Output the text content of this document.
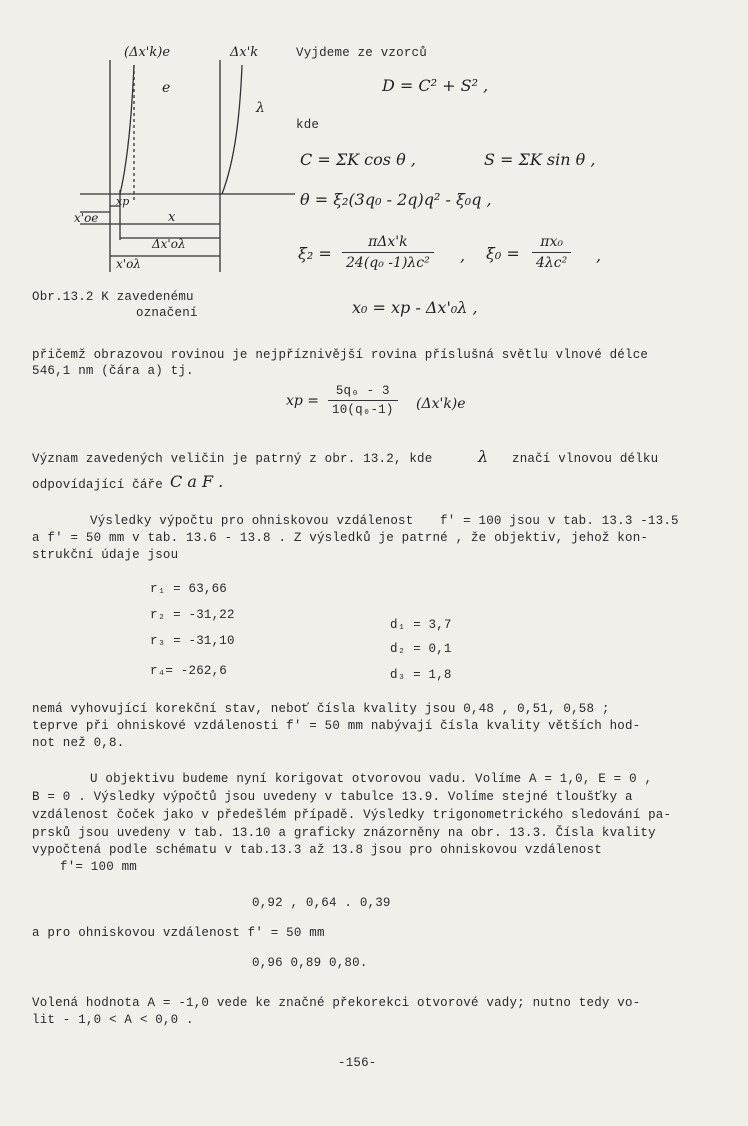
(Δx'k)e	Δx'k
e
λ
x'oe
xp
x
Δx'oλ
x'oλ
Obr.13.2 K zavedenému
označení
Vyjdeme ze vzorců
D = C² + S² ,
kde
C = ΣK cos θ ,	S = ΣK sin θ ,
θ = ξ₂(3q₀ - 2q)q² - ξ₀q ,
ξ₂ =
πΔx'k
24(q₀ -1)λc² , $\xi_0 = \frac{\text{πx₀}}{\text{4λc²}}$ ,
x₀ = xp - Δx'₀λ ,
přičemž obrazovou rovinou je nejpříznivější rovina příslušná světlu vlnové délce
546,1 nm (čára a) tj.
xp = $\frac{\text{5q₀ - 3}}{\text{10(q₀-1)}} (\Delta x'k)e$
Význam zavedených veličin je patrný z obr. 13.2, kde	λ značí vlnovou délku
odpovídající čáře C a F .
Výsledky výpočtu pro ohniskovou vzdálenost f' = 100 jsou v tab. 13.3 -13.5
a f' = 50 mm v tab. 13.6 - 13.8 . Z výsledků je patrné , že objektiv, jehož kon-
strukční údaje jsou
r₁ = 63,66
r₂ = -31,22
r₃ = -31,10
r₄= -262,6
d₁ = 3,7
d₂ = 0,1
d₃ = 1,8
nemá vyhovující korekční stav, neboť čísla kvality jsou 0,48 , 0,51, 0,58 ;
teprve při ohniskové vzdálenosti f' = 50 mm nabývají čísla kvality větších hod-
not než 0,8.
U objektivu budeme nyní korigovat otvorovou vadu. Volíme A = 1,0, E = 0 ,
B = 0 . Výsledky výpočtů jsou uvedeny v tabulce 13.9. Volíme stejné tloušťky a
vzdálenost čoček jako v předešlém případě. Výsledky trigonometrického sledování pa-
prsků jsou uvedeny v tab. 13.10 a graficky znázorněny na obr. 13.3. Čísla kvality
vypočtená podle schématu v tab.13.3 až 13.8 jsou pro ohniskovou vzdálenost
f'= 100 mm
0,92 , 0,64 . 0,39
a pro ohniskovou vzdálenost f' = 50 mm
0,96 0,89 0,80.
Volená hodnota A = -1,0 vede ke značné překorekci otvorové vady; nutno tedy vo-
lit - 1,0 < A < 0,0 .
-156-
